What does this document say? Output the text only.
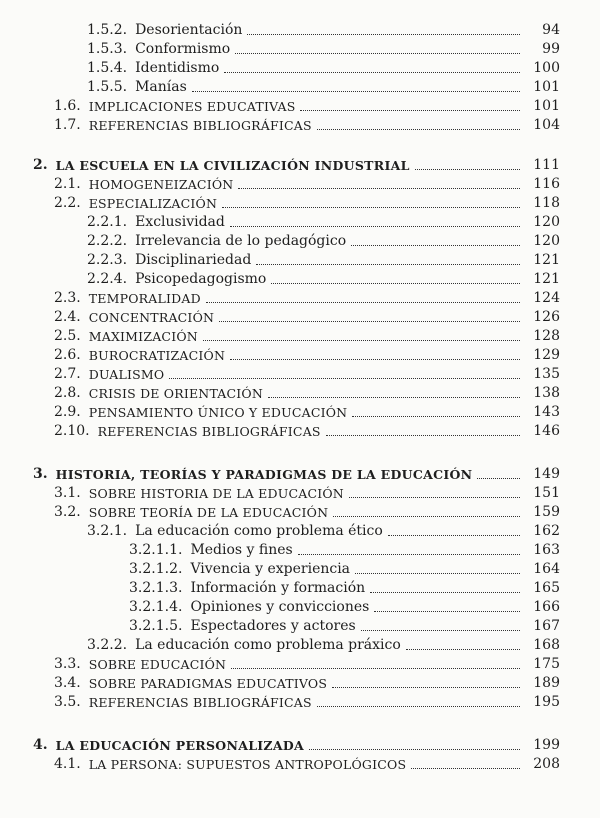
1.5.2. Desorientación	94
1.5.3. Conformismo	99
1.5.4. Identidismo	100
1.5.5. Manías	101
1.6. IMPLICACIONES EDUCATIVAS	101
1.7. REFERENCIAS BIBLIOGRÁFICAS	104
2. LA ESCUELA EN LA CIVILIZACIÓN INDUSTRIAL	111
2.1. HOMOGENEIZACIÓN	116
2.2. ESPECIALIZACIÓN	118
2.2.1. Exclusividad	120
2.2.2. Irrelevancia de lo pedagógico	120
2.2.3. Disciplinariedad	121
2.2.4. Psicopedagogismo	121
2.3. TEMPORALIDAD	124
2.4. CONCENTRACIÓN	126
2.5. MAXIMIZACIÓN	128
2.6. BUROCRATIZACIÓN	129
2.7. DUALISMO	135
2.8. CRISIS DE ORIENTACIÓN	138
2.9. PENSAMIENTO ÚNICO Y EDUCACIÓN	143
2.10. REFERENCIAS BIBLIOGRÁFICAS	146
3. HISTORIA, TEORÍAS Y PARADIGMAS DE LA EDUCACIÓN	149
3.1. SOBRE HISTORIA DE LA EDUCACIÓN	151
3.2. SOBRE TEORÍA DE LA EDUCACIÓN	159
3.2.1. La educación como problema ético	162
3.2.1.1. Medios y fines	163
3.2.1.2. Vivencia y experiencia	164
3.2.1.3. Información y formación	165
3.2.1.4. Opiniones y convicciones	166
3.2.1.5. Espectadores y actores	167
3.2.2. La educación como problema práxico	168
3.3. SOBRE EDUCACIÓN	175
3.4. SOBRE PARADIGMAS EDUCATIVOS	189
3.5. REFERENCIAS BIBLIOGRÁFICAS	195
4. LA EDUCACIÓN PERSONALIZADA	199
4.1. LA PERSONA: SUPUESTOS ANTROPOLÓGICOS	208
